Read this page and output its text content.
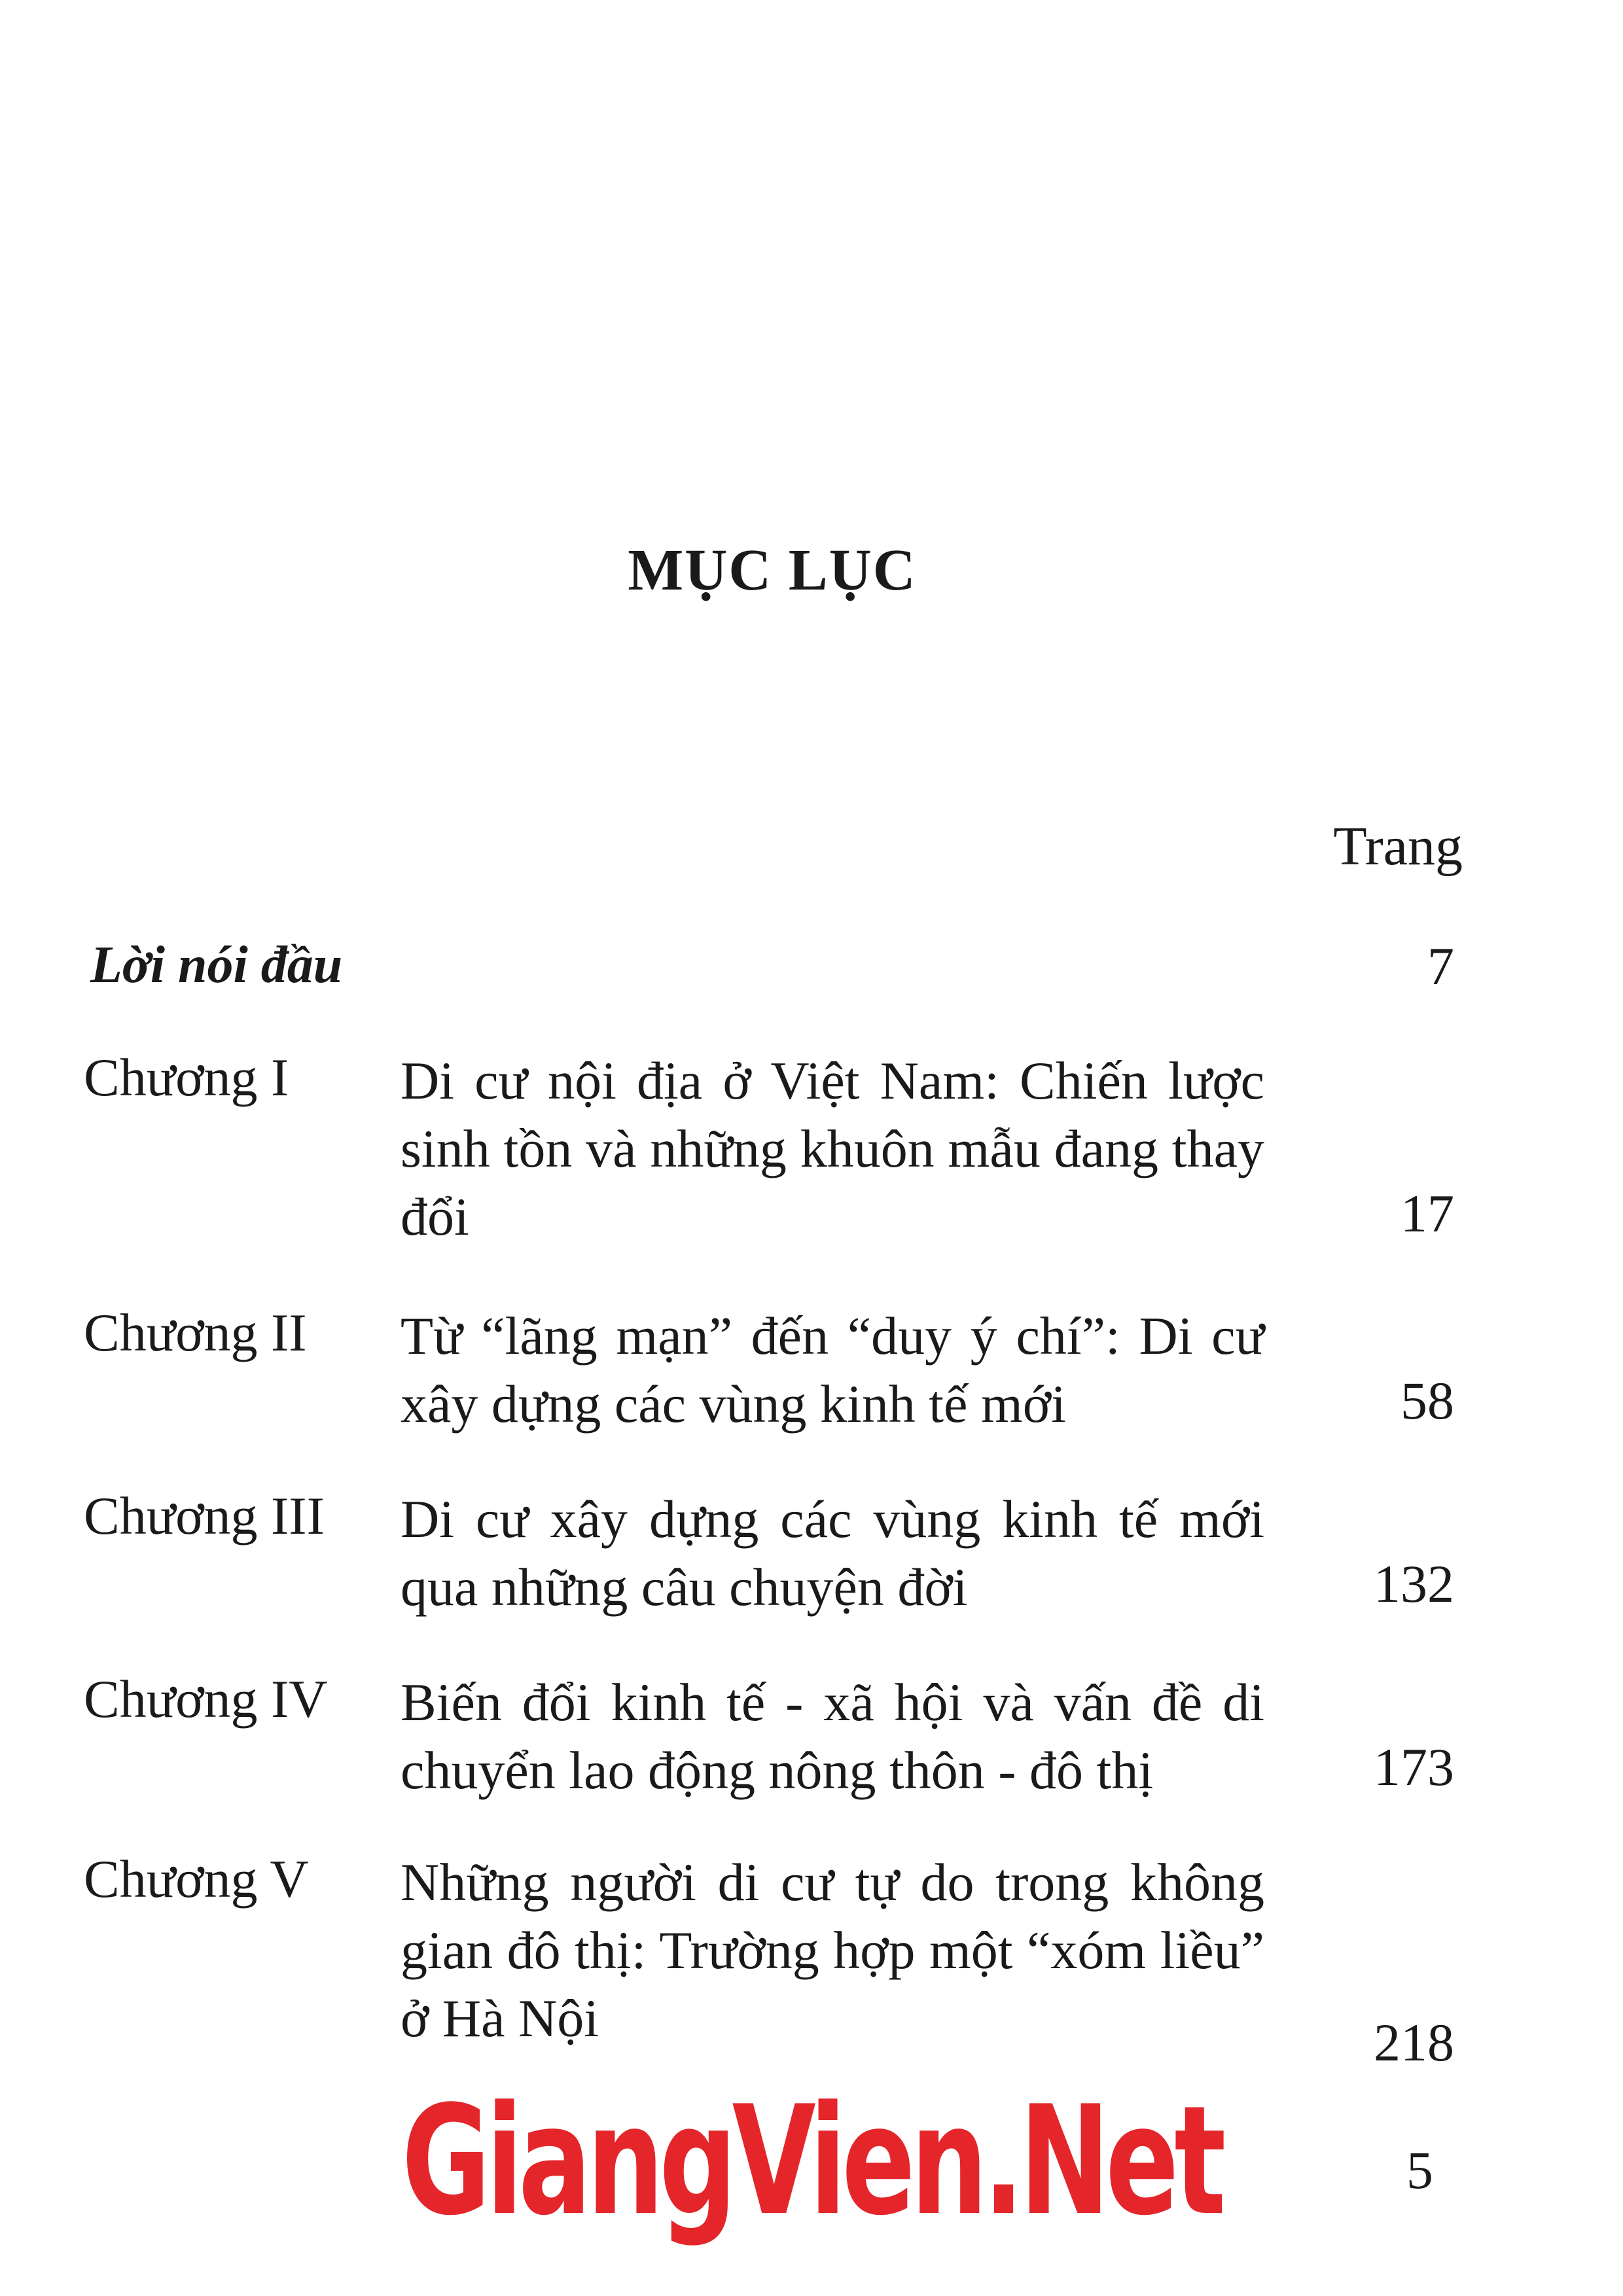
MỤC LỤC
Trang
Lời nói đầu	7
Chương I Di cư nội địa ở Việt Nam: Chiến lược sinh tồn và những khuôn mẫu đang thay đổi	17
Chương II Từ “lãng mạn” đến “duy ý chí”: Di cư xây dựng các vùng kinh tế mới	58
Chương III Di cư xây dựng các vùng kinh tế mới qua những câu chuyện đời	132
Chương IV Biến đổi kinh tế - xã hội và vấn đề di chuyển lao động nông thôn - đô thị	173
Chương V Những người di cư tự do trong không gian đô thị: Trường hợp một “xóm liều” ở Hà Nội	218
GiangVien.Net	5
